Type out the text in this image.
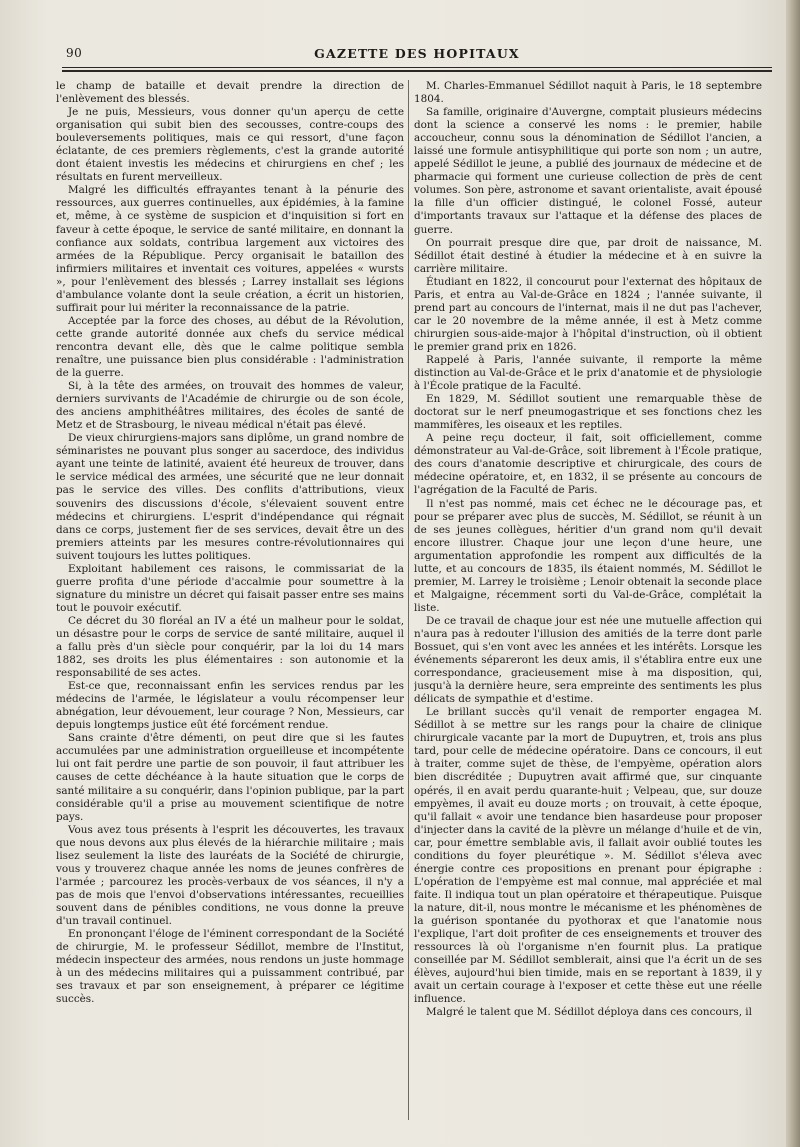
90	GAZETTE DES HOPITAUX

le champ de bataille et devait prendre la direction de l'enlèvement des blessés.

Je ne puis, Messieurs, vous donner qu'un aperçu de cette organisation qui subit bien des secousses, contre-coups des bouleversements politiques, mais ce qui ressort, d'une façon éclatante, de ces premiers règlements, c'est la grande autorité dont étaient investis les médecins et chirurgiens en chef ; les résultats en furent merveilleux.

Malgré les difficultés effrayantes tenant à la pénurie des ressources, aux guerres continuelles, aux épidémies, à la famine et, même, à ce système de suspicion et d'inquisition si fort en faveur à cette époque, le service de santé militaire, en donnant la confiance aux soldats, contribua largement aux victoires des armées de la République. Percy organisait le bataillon des infirmiers militaires et inventait ces voitures, appelées « wursts », pour l'enlèvement des blessés ; Larrey installait ses légions d'ambulance volante dont la seule création, a écrit un historien, suffirait pour lui mériter la reconnaissance de la patrie.

Acceptée par la force des choses, au début de la Révolution, cette grande autorité donnée aux chefs du service médical rencontra devant elle, dès que le calme politique sembla renaître, une puissance bien plus considérable : l'administration de la guerre.

Si, à la tête des armées, on trouvait des hommes de valeur, derniers survivants de l'Académie de chirurgie ou de son école, des anciens amphithéâtres militaires, des écoles de santé de Metz et de Strasbourg, le niveau médical n'était pas élevé.

De vieux chirurgiens-majors sans diplôme, un grand nombre de séminaristes ne pouvant plus songer au sacerdoce, des individus ayant une teinte de latinité, avaient été heureux de trouver, dans le service médical des armées, une sécurité que ne leur donnait pas le service des villes. Des conflits d'attributions, vieux souvenirs des discussions d'école, s'élevaient souvent entre médecins et chirurgiens. L'esprit d'indépendance qui régnait dans ce corps, justement fier de ses services, devait être un des premiers atteints par les mesures contre-révolutionnaires qui suivent toujours les luttes politiques.

Exploitant habilement ces raisons, le commissariat de la guerre profita d'une période d'accalmie pour soumettre à la signature du ministre un décret qui faisait passer entre ses mains tout le pouvoir exécutif.

Ce décret du 30 floréal an IV a été un malheur pour le soldat, un désastre pour le corps de service de santé militaire, auquel il a fallu près d'un siècle pour conquérir, par la loi du 14 mars 1882, ses droits les plus élémentaires : son autonomie et la responsabilité de ses actes.

Est-ce que, reconnaissant enfin les services rendus par les médecins de l'armée, le législateur a voulu récompenser leur abnégation, leur dévouement, leur courage ? Non, Messieurs, car depuis longtemps justice eût été forcément rendue.

Sans crainte d'être démenti, on peut dire que si les fautes accumulées par une administration orgueilleuse et incompétente lui ont fait perdre une partie de son pouvoir, il faut attribuer les causes de cette déchéance à la haute situation que le corps de santé militaire a su conquérir, dans l'opinion publique, par la part considérable qu'il a prise au mouvement scientifique de notre pays.

Vous avez tous présents à l'esprit les découvertes, les travaux que nous devons aux plus élevés de la hiérarchie militaire ; mais lisez seulement la liste des lauréats de la Société de chirurgie, vous y trouverez chaque année les noms de jeunes confrères de l'armée ; parcourez les procès-verbaux de vos séances, il n'y a pas de mois que l'envoi d'observations intéressantes, recueillies souvent dans de pénibles conditions, ne vous donne la preuve d'un travail continuel.

En prononçant l'éloge de l'éminent correspondant de la Société de chirurgie, M. le professeur Sédillot, membre de l'Institut, médecin inspecteur des armées, nous rendons un juste hommage à un des médecins militaires qui a puissamment contribué, par ses travaux et par son enseignement, à préparer ce légitime succès.

M. Charles-Emmanuel Sédillot naquit à Paris, le 18 septembre 1804.

Sa famille, originaire d'Auvergne, comptait plusieurs médecins dont la science a conservé les noms : le premier, habile accoucheur, connu sous la dénomination de Sédillot l'ancien, a laissé une formule antisyphilitique qui porte son nom ; un autre, appelé Sédillot le jeune, a publié des journaux de médecine et de pharmacie qui forment une curieuse collection de près de cent volumes. Son père, astronome et savant orientaliste, avait épousé la fille d'un officier distingué, le colonel Fossé, auteur d'importants travaux sur l'attaque et la défense des places de guerre.

On pourrait presque dire que, par droit de naissance, M. Sédillot était destiné à étudier la médecine et à en suivre la carrière militaire.

Étudiant en 1822, il concourut pour l'externat des hôpitaux de Paris, et entra au Val-de-Grâce en 1824 ; l'année suivante, il prend part au concours de l'internat, mais il ne dut pas l'achever, car le 20 novembre de la même année, il est à Metz comme chirurgien sous-aide-major à l'hôpital d'instruction, où il obtient le premier grand prix en 1826.

Rappelé à Paris, l'année suivante, il remporte la même distinction au Val-de-Grâce et le prix d'anatomie et de physiologie à l'École pratique de la Faculté.

En 1829, M. Sédillot soutient une remarquable thèse de doctorat sur le nerf pneumogastrique et ses fonctions chez les mammifères, les oiseaux et les reptiles.

A peine reçu docteur, il fait, soit officiellement, comme démonstrateur au Val-de-Grâce, soit librement à l'École pratique, des cours d'anatomie descriptive et chirurgicale, des cours de médecine opératoire, et, en 1832, il se présente au concours de l'agrégation de la Faculté de Paris.

Il n'est pas nommé, mais cet échec ne le décourage pas, et pour se préparer avec plus de succès, M. Sédillot, se réunit à un de ses jeunes collègues, héritier d'un grand nom qu'il devait encore illustrer. Chaque jour une leçon d'une heure, une argumentation approfondie les rompent aux difficultés de la lutte, et au concours de 1835, ils étaient nommés, M. Sédillot le premier, M. Larrey le troisième ; Lenoir obtenait la seconde place et Malgaigne, récemment sorti du Val-de-Grâce, complétait la liste.

De ce travail de chaque jour est née une mutuelle affection qui n'aura pas à redouter l'illusion des amitiés de la terre dont parle Bossuet, qui s'en vont avec les années et les intérêts. Lorsque les événements sépareront les deux amis, il s'établira entre eux une correspondance, gracieusement mise à ma disposition, qui, jusqu'à la dernière heure, sera empreinte des sentiments les plus délicats de sympathie et d'estime.

Le brillant succès qu'il venait de remporter engagea M. Sédillot à se mettre sur les rangs pour la chaire de clinique chirurgicale vacante par la mort de Dupuytren, et, trois ans plus tard, pour celle de médecine opératoire. Dans ce concours, il eut à traiter, comme sujet de thèse, de l'empyème, opération alors bien discréditée ; Dupuytren avait affirmé que, sur cinquante opérés, il en avait perdu quarante-huit ; Velpeau, que, sur douze empyèmes, il avait eu douze morts ; on trouvait, à cette époque, qu'il fallait « avoir une tendance bien hasardeuse pour proposer d'injecter dans la cavité de la plèvre un mélange d'huile et de vin, car, pour émettre semblable avis, il fallait avoir oublié toutes les conditions du foyer pleurétique ». M. Sédillot s'éleva avec énergie contre ces propositions en prenant pour épigraphe : L'opération de l'empyème est mal connue, mal appréciée et mal faite. Il indiqua tout un plan opératoire et thérapeutique. Puisque la nature, dit-il, nous montre le mécanisme et les phénomènes de la guérison spontanée du pyothorax et que l'anatomie nous l'explique, l'art doit profiter de ces enseignements et trouver des ressources là où l'organisme n'en fournit plus. La pratique conseillée par M. Sédillot semblerait, ainsi que l'a écrit un de ses élèves, aujourd'hui bien timide, mais en se reportant à 1839, il y avait un certain courage à l'exposer et cette thèse eut une réelle influence.

Malgré le talent que M. Sédillot déploya dans ces concours, il
